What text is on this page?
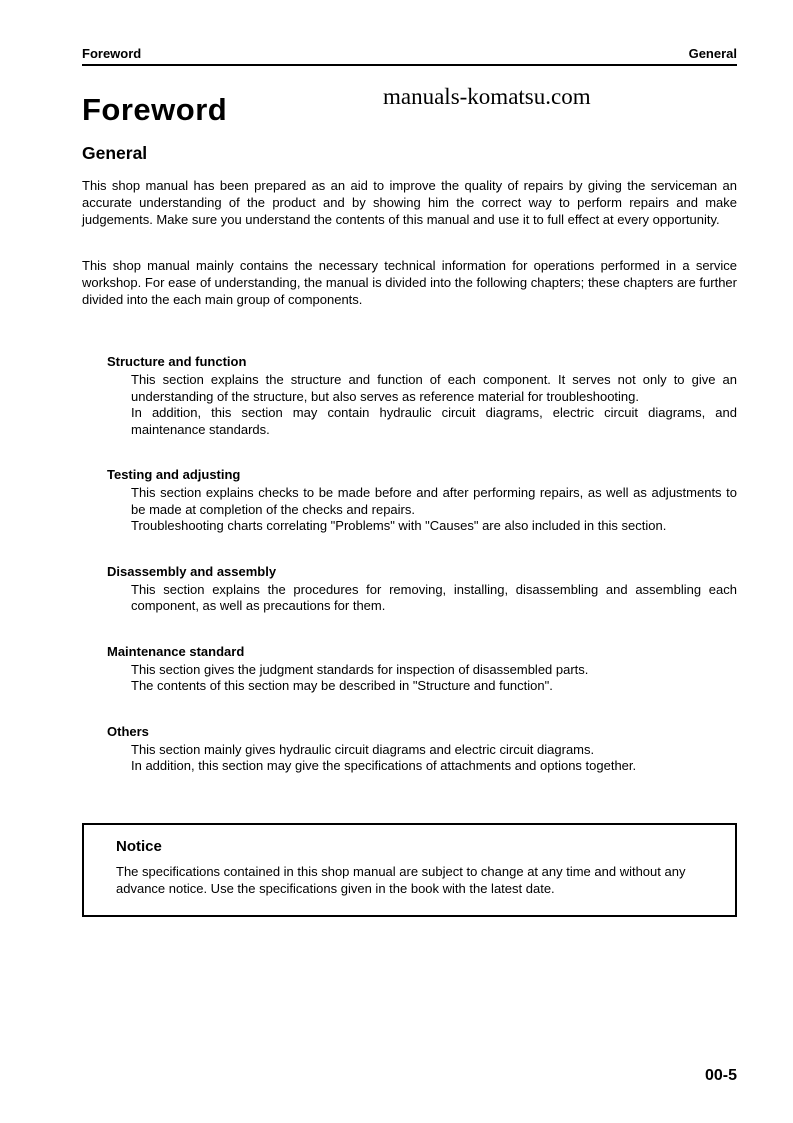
manuals-komatsu.com
Foreword	General
Foreword
General

This shop manual has been prepared as an aid to improve the quality of repairs by giving the serviceman an accurate understanding of the product and by showing him the correct way to perform repairs and make judgements. Make sure you understand the contents of this manual and use it to full effect at every opportunity.

This shop manual mainly contains the necessary technical information for operations performed in a service workshop. For ease of understanding, the manual is divided into the following chapters; these chapters are further divided into the each main group of components.

Structure and function

This section explains the structure and function of each component. It serves not only to give an understanding of the structure, but also serves as reference material for troubleshooting.

In addition, this section may contain hydraulic circuit diagrams, electric circuit diagrams, and maintenance standards.

Testing and adjusting

This section explains checks to be made before and after performing repairs, as well as adjustments to be made at completion of the checks and repairs.

Troubleshooting charts correlating "Problems" with "Causes" are also included in this section.

Disassembly and assembly

This section explains the procedures for removing, installing, disassembling and assembling each component, as well as precautions for them.

Maintenance standard

This section gives the judgment standards for inspection of disassembled parts.

The contents of this section may be described in "Structure and function".

Others

This section mainly gives hydraulic circuit diagrams and electric circuit diagrams.

In addition, this section may give the specifications of attachments and options together.

Notice

The specifications contained in this shop manual are subject to change at any time and without any advance notice. Use the specifications given in the book with the latest date.

00-5
